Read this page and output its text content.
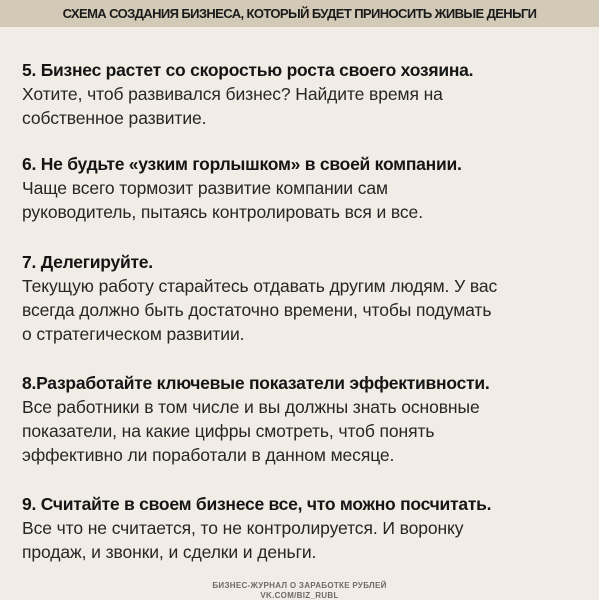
СХЕМА СОЗДАНИЯ БИЗНЕСА, КОТОРЫЙ БУДЕТ ПРИНОСИТЬ ЖИВЫЕ ДЕНЬГИ
5. Бизнес растет со скоростью роста своего хозяина.
Хотите, чтоб развивался бизнес? Найдите время на
собственное развитие.
6. Не будьте «узким горлышком» в своей компании.
Чаще всего тормозит развитие компании сам
руководитель, пытаясь контролировать вся и все.
7. Делегируйте.
Текущую работу старайтесь отдавать другим людям. У вас
всегда должно быть достаточно времени, чтобы подумать
о стратегическом развитии.
8.Разработайте ключевые показатели эффективности.
Все работники в том числе и вы должны знать основные
показатели, на какие цифры смотреть, чтоб понять
эффективно ли поработали в данном месяце.
9. Считайте в своем бизнесе все, что можно посчитать.
Все что не считается, то не контролируется. И воронку
продаж, и звонки, и сделки и деньги.
БИЗНЕС-ЖУРНАЛ О ЗАРАБОТКЕ РУБЛЕЙ
VK.COM/BIZ_RUBL
